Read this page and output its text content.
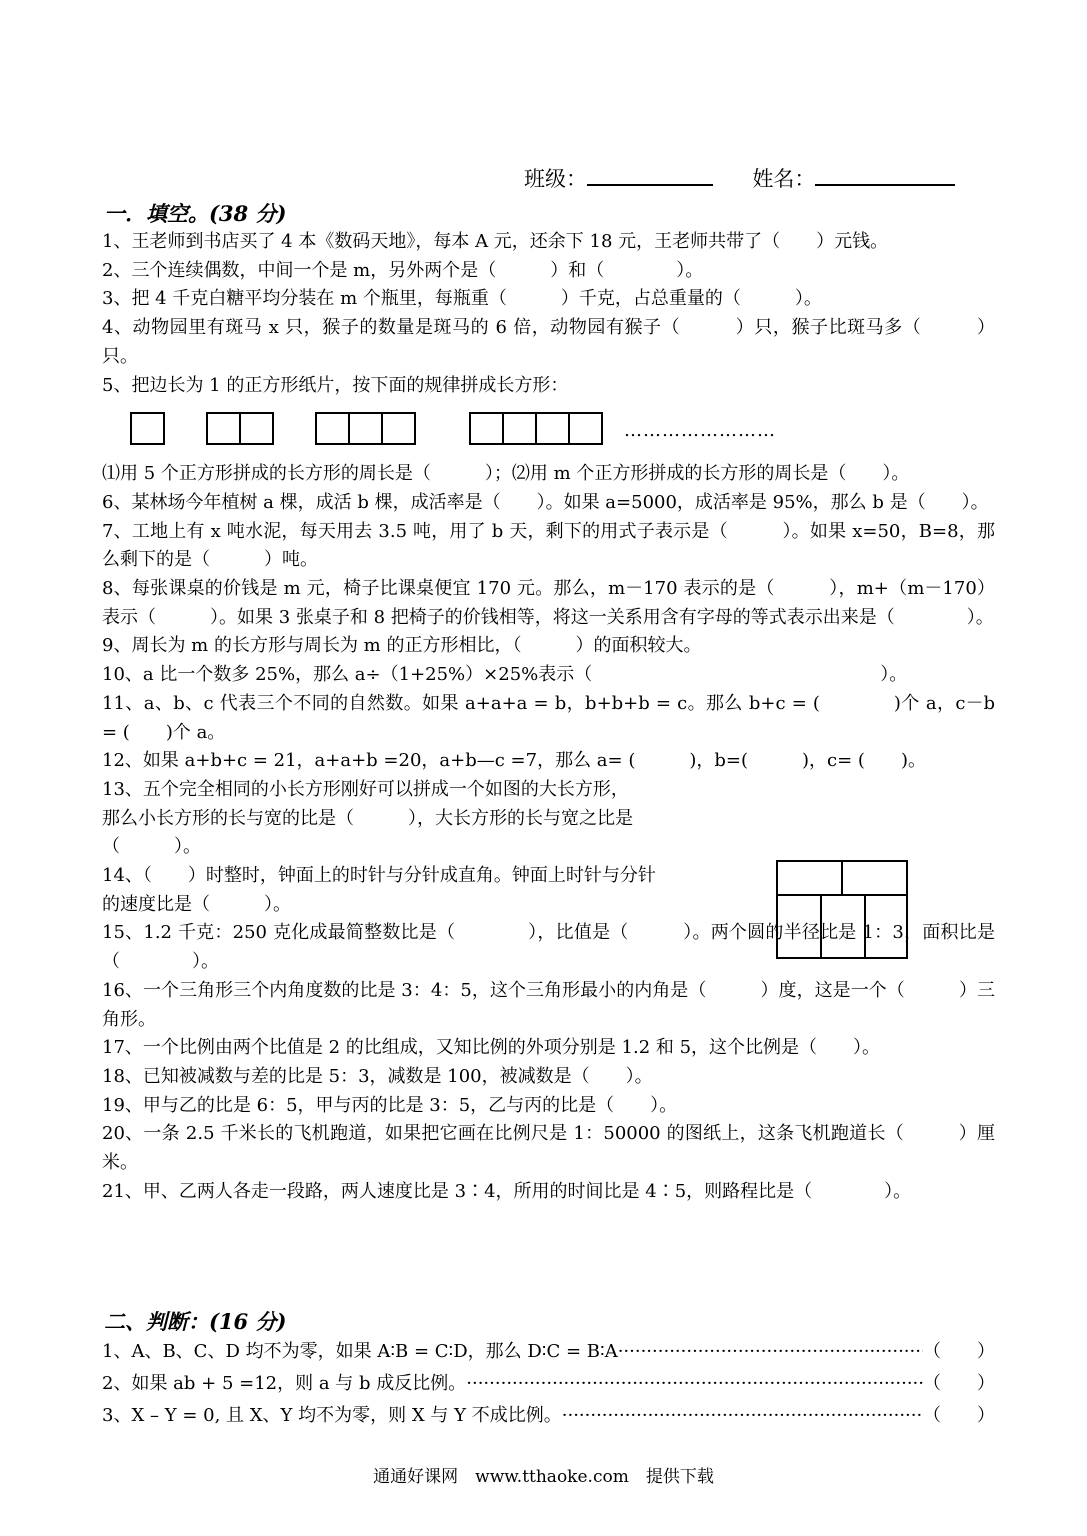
班级：	姓名：
一．填空。(38 分)

1、王老师到书店买了 4 本《数码天地》，每本 A 元，还余下 18 元，王老师共带了（　　）元钱。

2、三个连续偶数，中间一个是 m，另外两个是（　　　）和（　　　　）。

3、把 4 千克白糖平均分装在 m 个瓶里，每瓶重（　　　）千克，占总重量的（　　　）。

4、动物园里有斑马 x 只，猴子的数量是斑马的 6 倍，动物园有猴子（　　　）只，猴子比斑马多（　　　）只。

5、把边长为 1 的正方形纸片，按下面的规律拼成长方形：

⑴用 5 个正方形拼成的长方形的周长是（　　　）；⑵用 m 个正方形拼成的长方形的周长是（　　）。

6、某林场今年植树 a 棵，成活 b 棵，成活率是（　　）。如果 a=5000，成活率是 95%，那么 b 是（　　）。

7、工地上有 x 吨水泥，每天用去 3.5 吨，用了 b 天，剩下的用式子表示是（　　　）。如果 x=50，B=8，那么剩下的是（　　　）吨。

8、每张课桌的价钱是 m 元，椅子比课桌便宜 170 元。那么，m－170 表示的是（　　　），m+（m－170）表示（　　　）。如果 3 张桌子和 8 把椅子的价钱相等，将这一关系用含有字母的等式表示出来是（　　　　）。

9、周长为 m 的长方形与周长为 m 的正方形相比，（　　　）的面积较大。

10、a 比一个数多 25%，那么 a÷（1+25%）×25%表示（　　　　　　　　　　　　　　　　）。

11、a、b、c 代表三个不同的自然数。如果 a+a+a = b，b+b+b = c。那么 b+c = (　　　　)个 a，c－b = (　　)个 a。

12、如果 a+b+c = 21，a+a+b =20，a+b—c =7，那么 a= (　　　)，b=(　　　)，c= (　　)。

13、五个完全相同的小长方形刚好可以拼成一个如图的大长方形，

那么小长方形的长与宽的比是（　　　），大长方形的长与宽之比是

（　　　）。

14、（　　）时整时，钟面上的时针与分针成直角。钟面上时针与分针

的速度比是（　　　）。

15、1.2 千克：250 克化成最简整数比是（　　　　），比值是（　　　）。两个圆的半径比是 1：3，面积比是（　　　　）。

16、一个三角形三个内角度数的比是 3：4：5，这个三角形最小的内角是（　　　）度，这是一个（　　　）三角形。

17、一个比例由两个比值是 2 的比组成，又知比例的外项分别是 1.2 和 5，这个比例是（　　）。

18、已知被减数与差的比是 5：3，减数是 100，被减数是（　　）。

19、甲与乙的比是 6：5，甲与丙的比是 3：5，乙与丙的比是（　　）。

20、一条 2.5 千米长的飞机跑道，如果把它画在比例尺是 1：50000 的图纸上，这条飞机跑道长（　　　）厘米。

21、甲、乙两人各走一段路，两人速度比是 3∶4，所用的时间比是 4∶5，则路程比是（　　　　）。

……………………
二、判断：(16 分)
1、A、B、C、D 均不为零，如果 A∶B = C∶D，那么 D∶C = B∶A ·····	（　　）
2、如果 ab + 5 =12，则 a 与 b 成反比例。 ·····	（　　）
3、X – Y = 0, 且 X、Y 均不为零，则 X 与 Y 不成比例。 ·····	（　　）
通通好课网　www.tthaoke.com　提供下载
